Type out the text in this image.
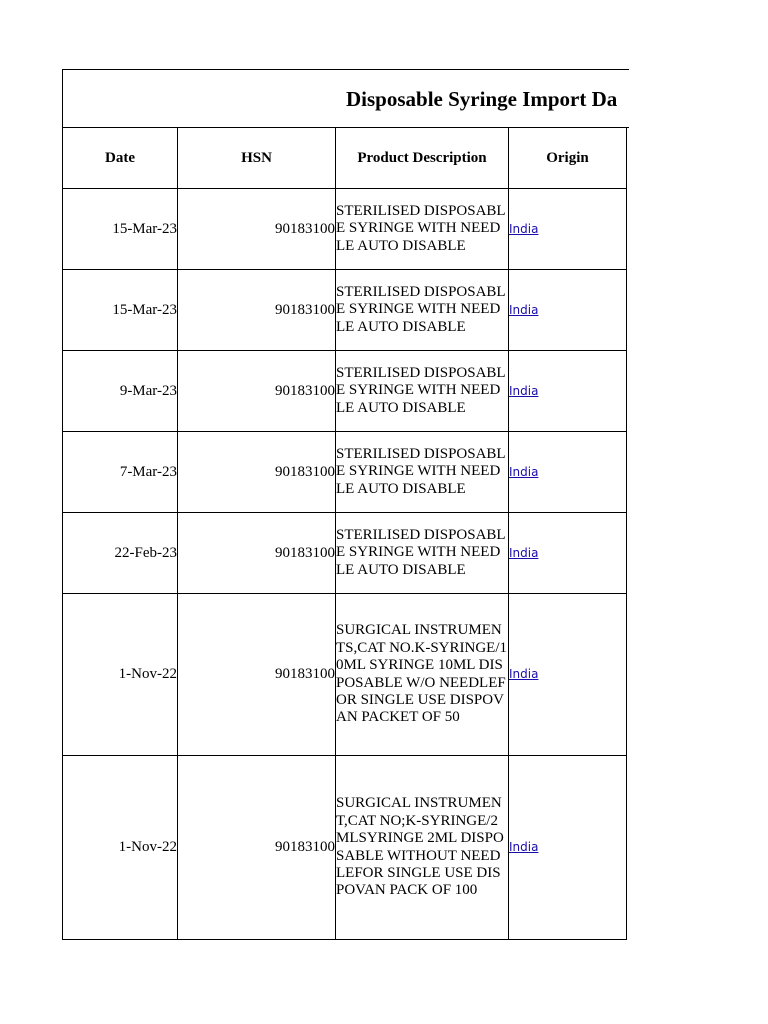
Disposable Syringe Import Da
Date	HSN	Product Description	Origin
15-Mar-23	90183100	STERILISED DISPOSABLE SYRINGE WITH NEEDLE AUTO DISABLE	India
15-Mar-23	90183100	STERILISED DISPOSABLE SYRINGE WITH NEEDLE AUTO DISABLE	India
9-Mar-23	90183100	STERILISED DISPOSABLE SYRINGE WITH NEEDLE AUTO DISABLE	India
7-Mar-23	90183100	STERILISED DISPOSABLE SYRINGE WITH NEEDLE AUTO DISABLE	India
22-Feb-23	90183100	STERILISED DISPOSABLE SYRINGE WITH NEEDLE AUTO DISABLE	India
1-Nov-22	90183100	SURGICAL INSTRUMENTS,CAT NO.K-SYRINGE/10ML SYRINGE 10ML DISPOSABLE W/O NEEDLEFOR SINGLE USE DISPOVAN PACKET OF 50	India
1-Nov-22	90183100	SURGICAL INSTRUMENT,CAT NO;K-SYRINGE/2MLSYRINGE 2ML DISPOSABLE WITHOUT NEEDLEFOR SINGLE USE DISPOVAN PACK OF 100	India
